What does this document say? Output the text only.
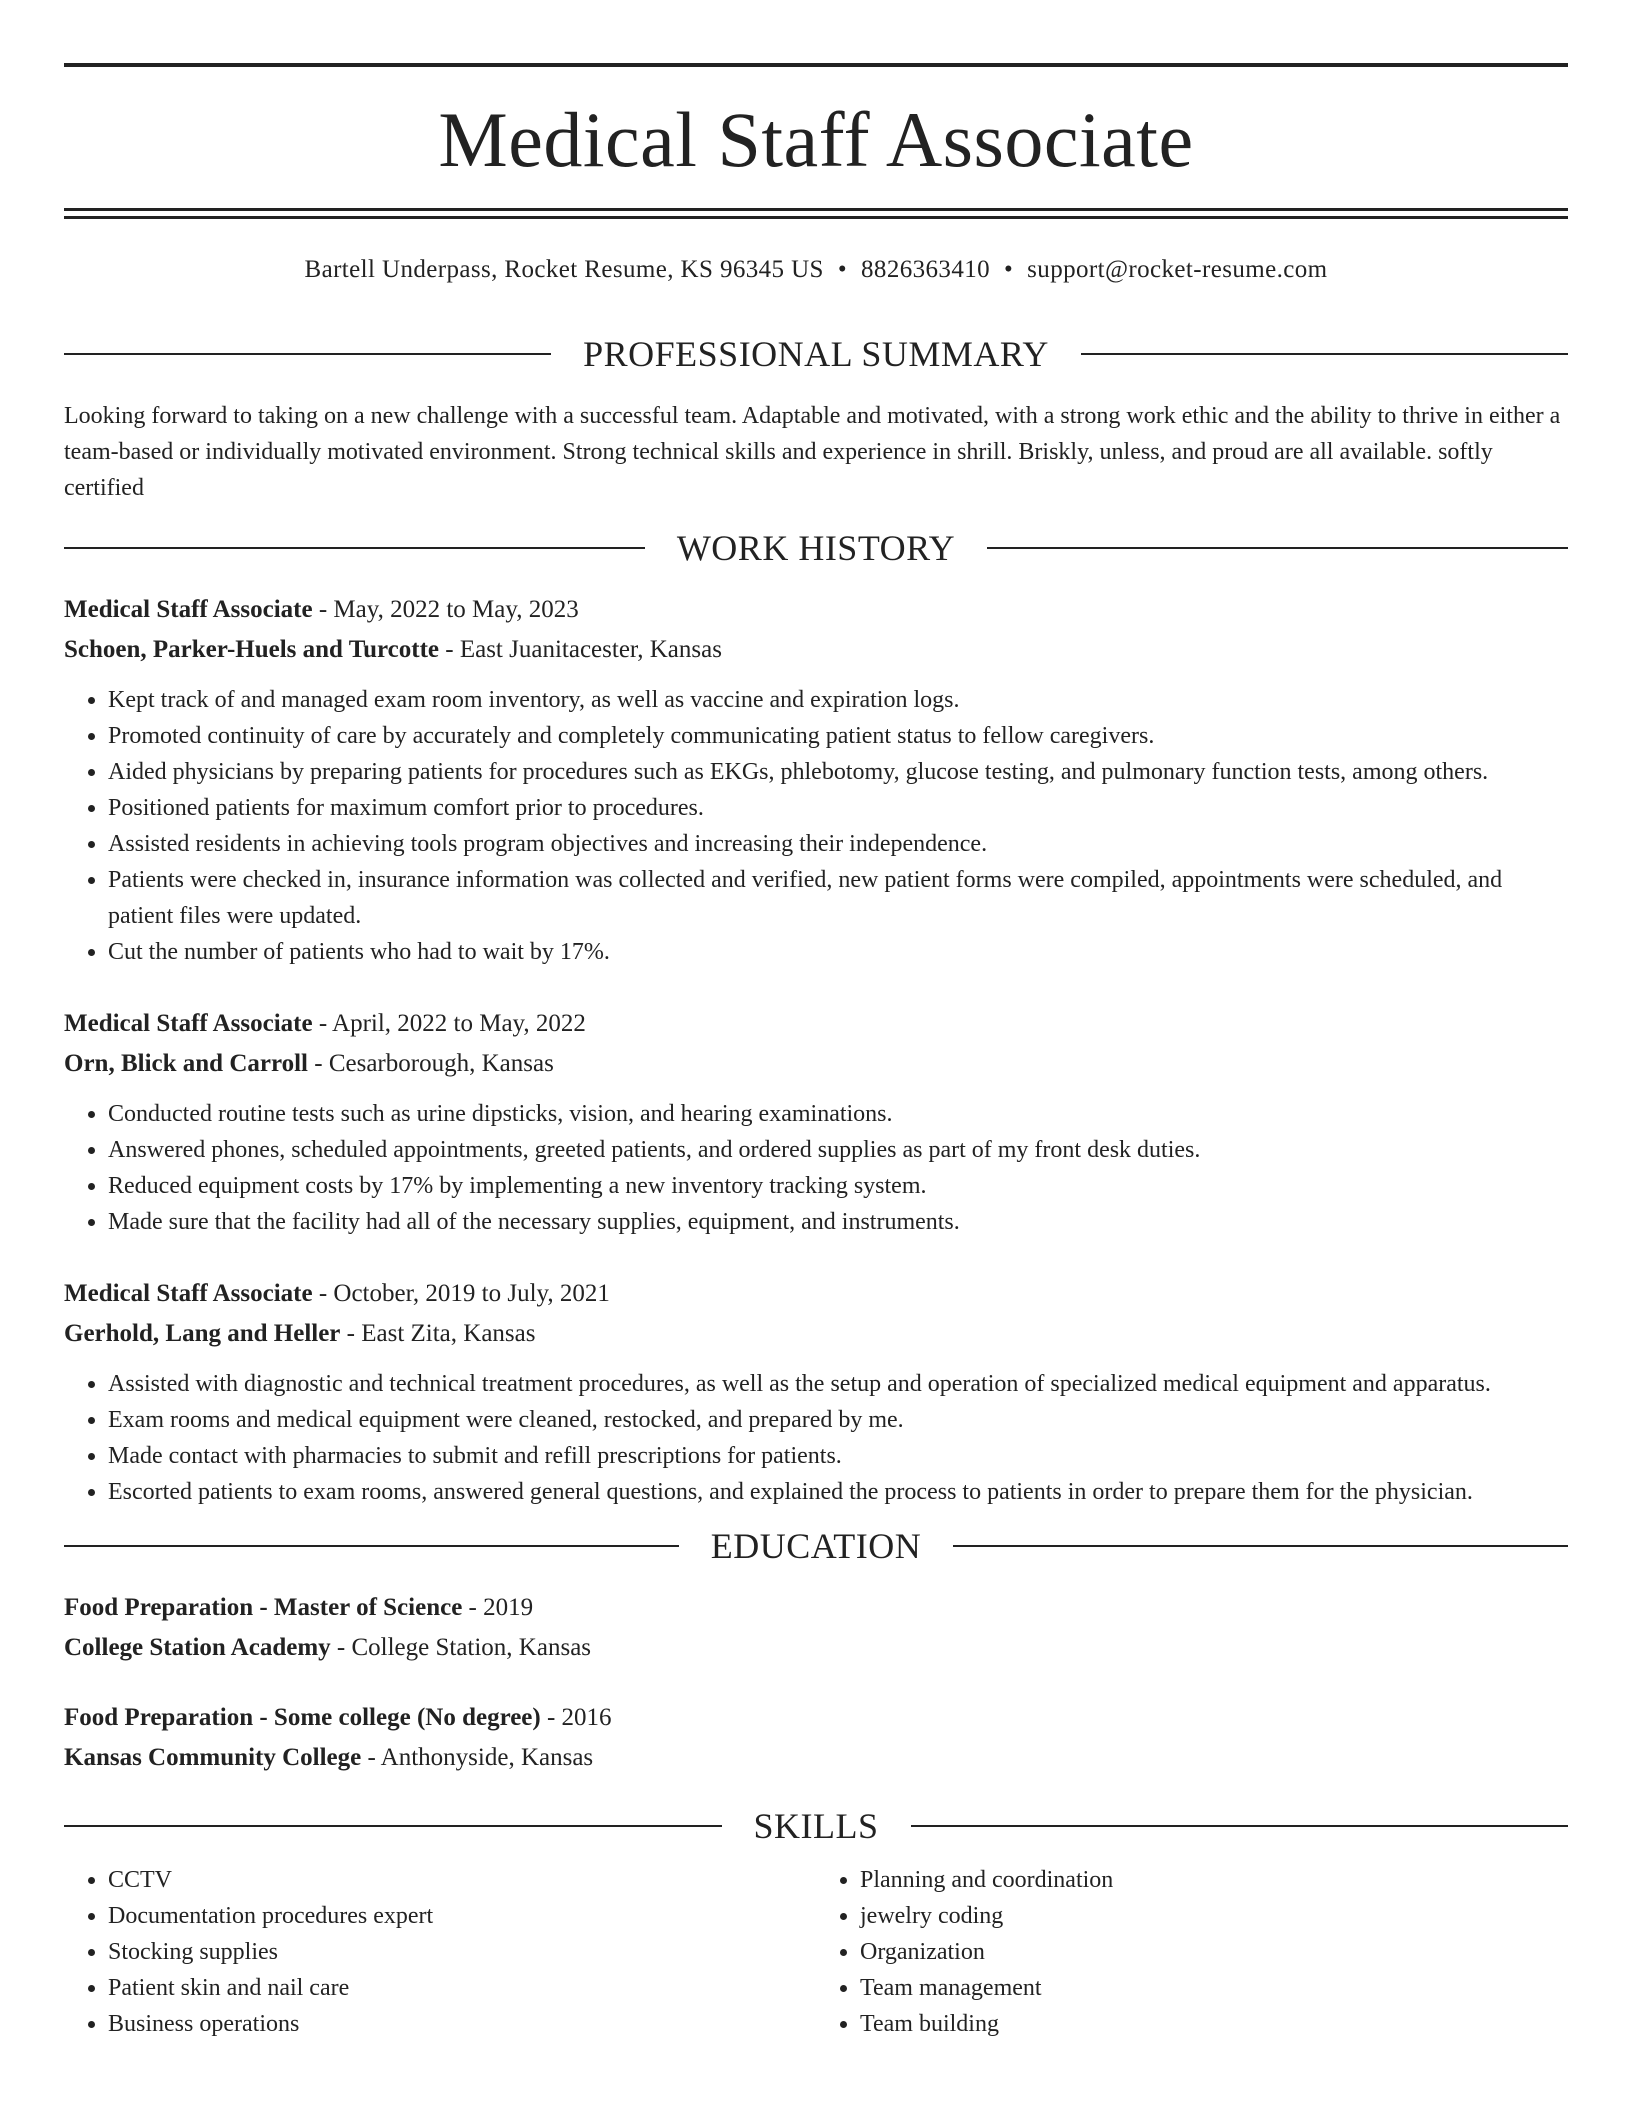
Medical Staff Associate
Bartell Underpass, Rocket Resume, KS 96345 US • 8826363410 • support@rocket-resume.com
PROFESSIONAL SUMMARY

Looking forward to taking on a new challenge with a successful team. Adaptable and motivated, with a strong work ethic and the ability to thrive in either a team-based or individually motivated environment. Strong technical skills and experience in shrill. Briskly, unless, and proud are all available. softly certified

WORK HISTORY
Medical Staff Associate - May, 2022 to May, 2023
Schoen, Parker-Huels and Turcotte - East Juanitacester, Kansas
• Kept track of and managed exam room inventory, as well as vaccine and expiration logs.
• Promoted continuity of care by accurately and completely communicating patient status to fellow caregivers.
• Aided physicians by preparing patients for procedures such as EKGs, phlebotomy, glucose testing, and pulmonary function tests, among others.
• Positioned patients for maximum comfort prior to procedures.
• Assisted residents in achieving tools program objectives and increasing their independence.
• Patients were checked in, insurance information was collected and verified, new patient forms were compiled, appointments were scheduled, and patient files were updated.
• Cut the number of patients who had to wait by 17%.
Medical Staff Associate - April, 2022 to May, 2022
Orn, Blick and Carroll - Cesarborough, Kansas
• Conducted routine tests such as urine dipsticks, vision, and hearing examinations.
• Answered phones, scheduled appointments, greeted patients, and ordered supplies as part of my front desk duties.
• Reduced equipment costs by 17% by implementing a new inventory tracking system.
• Made sure that the facility had all of the necessary supplies, equipment, and instruments.
Medical Staff Associate - October, 2019 to July, 2021
Gerhold, Lang and Heller - East Zita, Kansas
• Assisted with diagnostic and technical treatment procedures, as well as the setup and operation of specialized medical equipment and apparatus.
• Exam rooms and medical equipment were cleaned, restocked, and prepared by me.
• Made contact with pharmacies to submit and refill prescriptions for patients.
• Escorted patients to exam rooms, answered general questions, and explained the process to patients in order to prepare them for the physician.
EDUCATION
Food Preparation - Master of Science - 2019
College Station Academy - College Station, Kansas
Food Preparation - Some college (No degree) - 2016
Kansas Community College - Anthonyside, Kansas
SKILLS
• CCTV
• Documentation procedures expert
• Stocking supplies
• Patient skin and nail care
• Business operations
• Planning and coordination
• jewelry coding
• Organization
• Team management
• Team building
